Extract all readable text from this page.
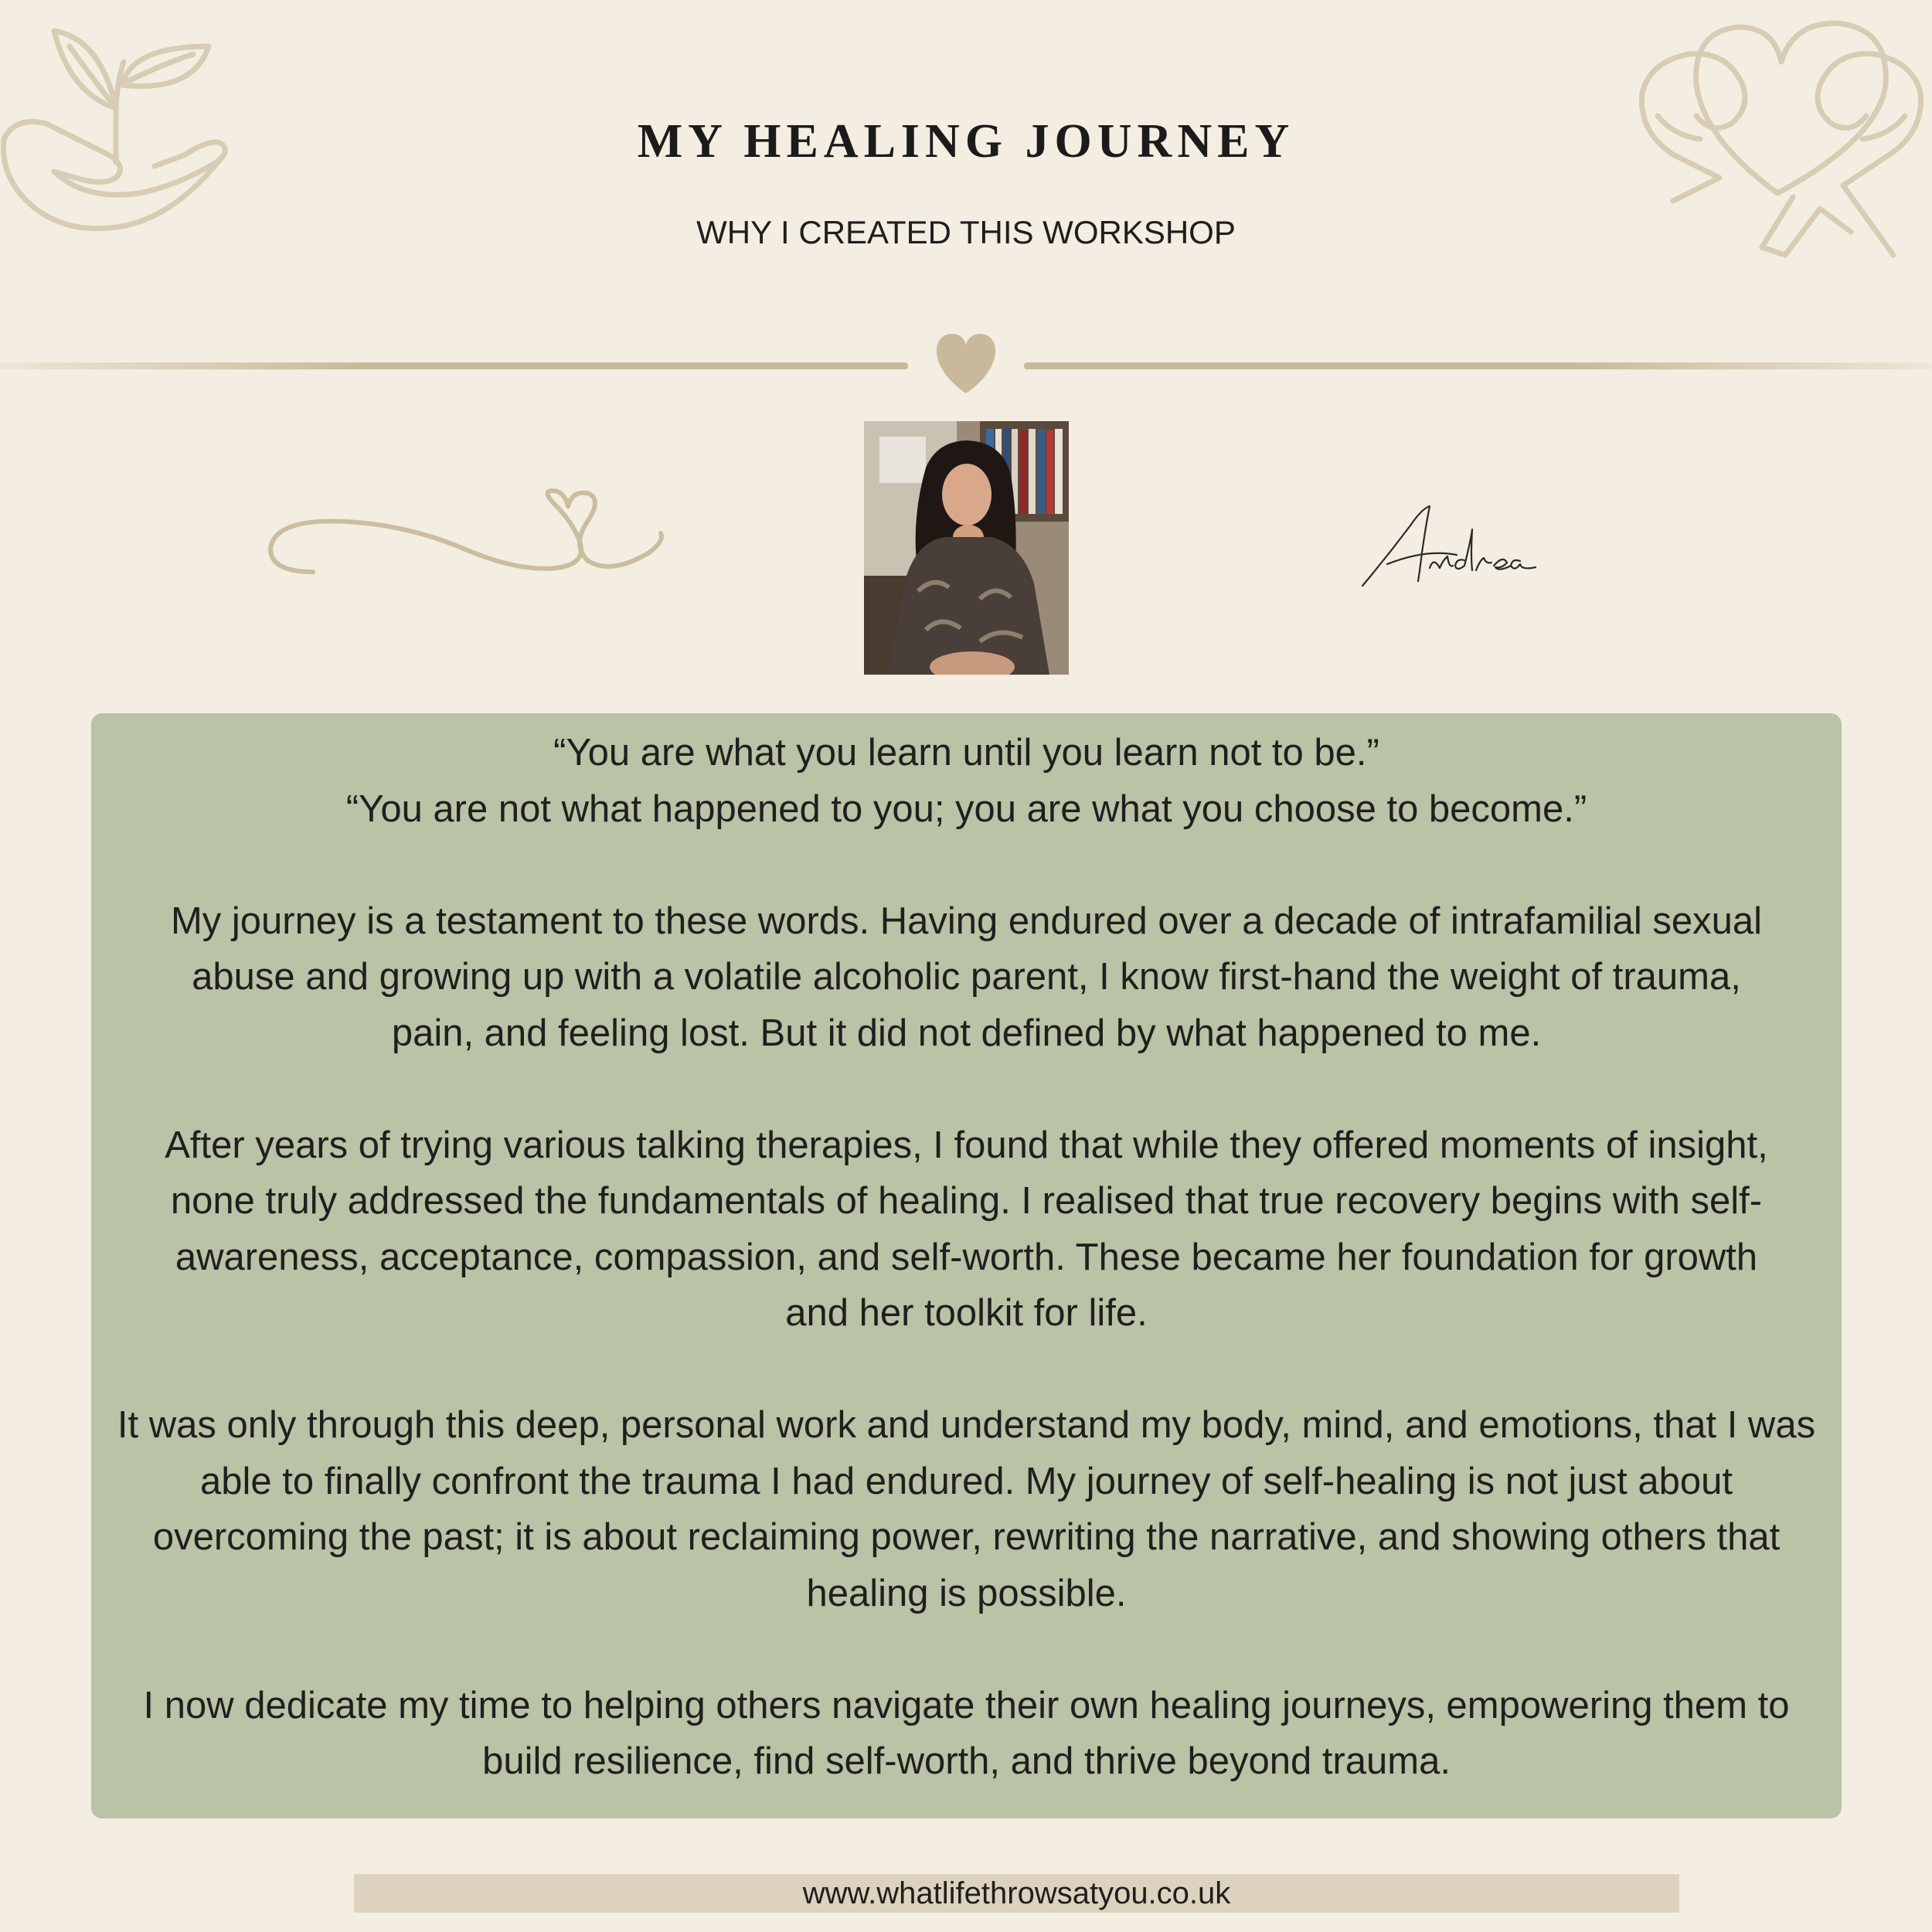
MY HEALING JOURNEY
WHY I CREATED THIS WORKSHOP

“You are what you learn until you learn not to be.”
“You are not what happened to you; you are what you choose to become.”

My journey is a testament to these words. Having endured over a decade of intrafamilial sexual abuse and growing up with a volatile alcoholic parent, I know first-hand the weight of trauma, pain, and feeling lost. But it did not defined by what happened to me.

After years of trying various talking therapies, I found that while they offered moments of insight, none truly addressed the fundamentals of healing. I realised that true recovery begins with self-awareness, acceptance, compassion, and self-worth. These became her foundation for growth and her toolkit for life.

It was only through this deep, personal work and understand my body, mind, and emotions, that I was able to finally confront the trauma I had endured. My journey of self-healing is not just about overcoming the past; it is about reclaiming power, rewriting the narrative, and showing others that healing is possible.

I now dedicate my time to helping others navigate their own healing journeys, empowering them to build resilience, find self-worth, and thrive beyond trauma.

www.whatlifethrowsatyou.co.uk
